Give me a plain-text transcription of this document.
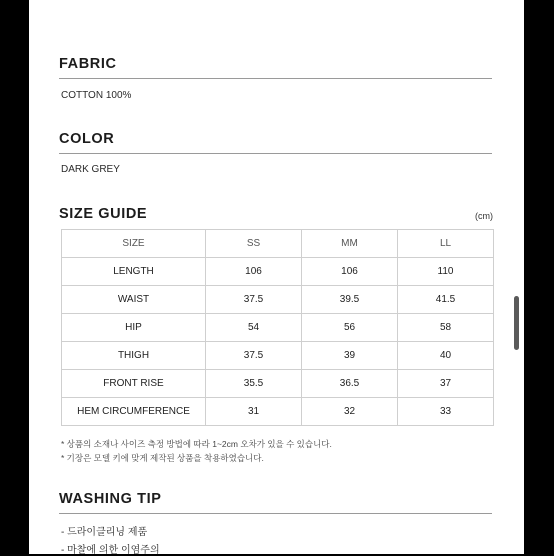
FABRIC
COTTON 100%
COLOR
DARK GREY
SIZE GUIDE	(cm)
SIZE	SS	MM	LL
LENGTH	106	106	110
WAIST	37.5	39.5	41.5
HIP	54	56	58
THIGH	37.5	39	40
FRONT RISE	35.5	36.5	37
HEM CIRCUMFERENCE	31	32	33
* 상품의 소재나 사이즈 측정 방법에 따라 1~2cm 오차가 있을 수 있습니다.
* 기장은 모델 키에 맞게 제작된 상품을 착용하였습니다.
WASHING TIP
- 드라이클리닝 제품
- 마찰에 의한 이염주의
